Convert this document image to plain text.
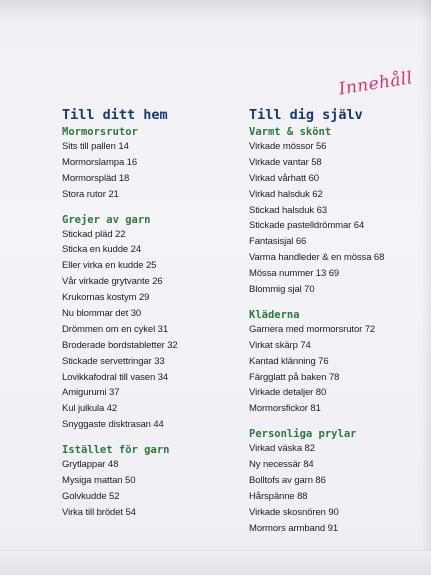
Innehåll
Till ditt hem
Mormorsrutor
Sits till pallen 14
Mormorslampa 16
Mormorspläd 18
Stora rutor 21
Grejer av garn
Stickad pläd 22
Sticka en kudde 24
Eller virka en kudde 25
Vår virkade grytvante 26
Krukornas kostym 29
Nu blommar det 30
Drömmen om en cykel 31
Broderade bordstabletter 32
Stickade servettringar 33
Lovikkafodral till vasen 34
Amigurumi 37
Kul julkula 42
Snyggaste disktrasan 44
Istället för garn
Grytlappar 48
Mysiga mattan 50
Golvkudde 52
Virka till brödet 54
Till dig själv
Varmt & skönt
Virkade mössor 56
Virkade vantar 58
Virkad vårhatt 60
Virkad halsduk 62
Stickad halsduk 63
Stickade pastelldrömmar 64
Fantasisjal 66
Varma handleder & en mössa 68
Mössa nummer 13 69
Blommig sjal 70
Kläderna
Garnera med mormorsrutor 72
Virkat skärp 74
Kantad klänning 76
Färgglatt på baken 78
Virkade detaljer 80
Mormorsfickor 81
Personliga prylar
Virkad väska 82
Ny necessär 84
Bolltofs av garn 86
Hårspänne 88
Virkade skosnören 90
Mormors armband 91
